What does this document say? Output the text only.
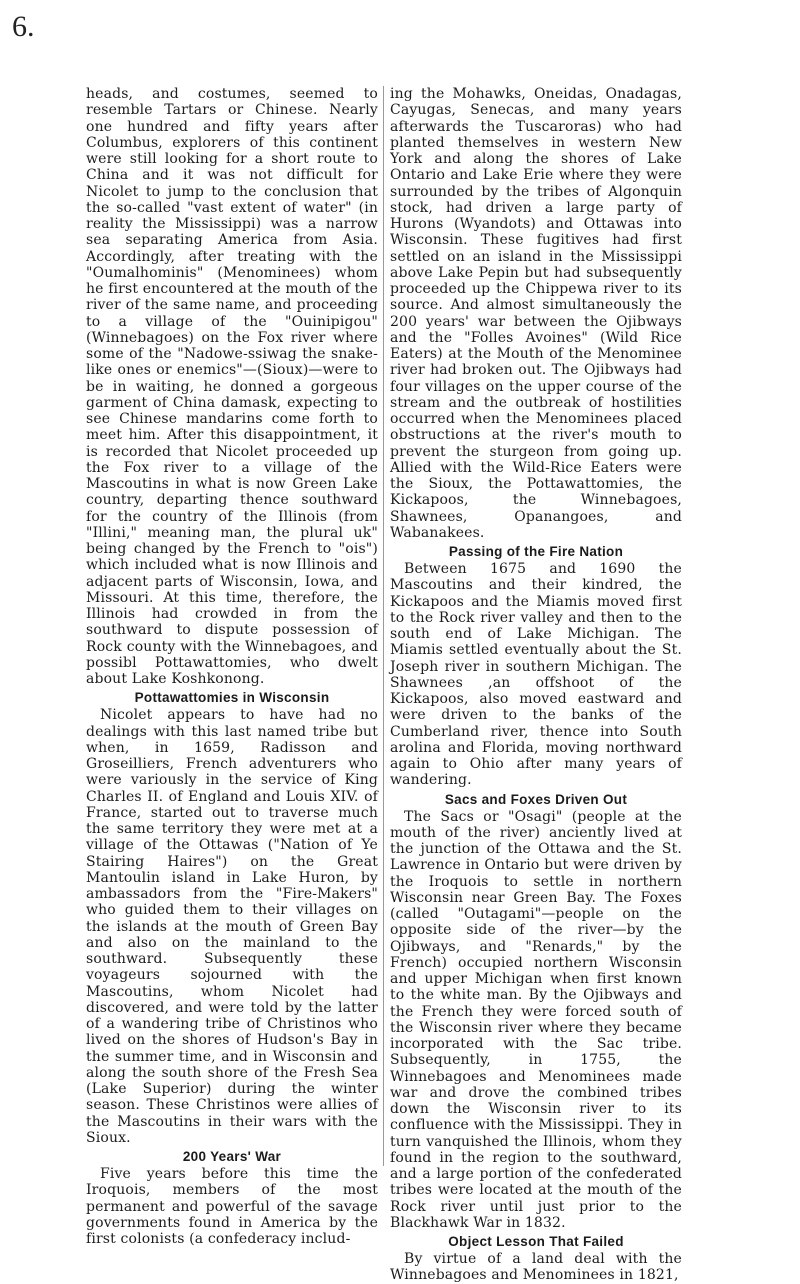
6.

heads, and costumes, seemed to resemble Tartars or Chinese. Nearly one hundred and fifty years after Columbus, explorers of this continent were still looking for a short route to China and it was not difficult for Nicolet to jump to the conclusion that the so-called "vast extent of water" (in reality the Mississippi) was a narrow sea separating America from Asia. Accordingly, after treating with the "Oumalhominis" (Menominees) whom he first encountered at the mouth of the river of the same name, and proceeding to a village of the "Ouinipigou" (Winnebagoes) on the Fox river where some of the "Nadowe-ssiwag the snake-like ones or enemics"—(Sioux)—were to be in waiting, he donned a gorgeous garment of China damask, expecting to see Chinese mandarins come forth to meet him. After this disappointment, it is recorded that Nicolet proceeded up the Fox river to a village of the Mascoutins in what is now Green Lake country, departing thence southward for the country of the Illinois (from "Illini," meaning man, the plural uk" being changed by the French to "ois") which included what is now Illinois and adjacent parts of Wisconsin, Iowa, and Missouri. At this time, therefore, the Illinois had crowded in from the southward to dispute possession of Rock county with the Winnebagoes, and possibl Pottawattomies, who dwelt about Lake Koshkonong.

Pottawattomies in Wisconsin

Nicolet appears to have had no dealings with this last named tribe but when, in 1659, Radisson and Groseilliers, French adventurers who were variously in the service of King Charles II. of England and Louis XIV. of France, started out to traverse much the same territory they were met at a village of the Ottawas ("Nation of Ye Stairing Haires") on the Great Mantoulin island in Lake Huron, by ambassadors from the "Fire-Makers" who guided them to their villages on the islands at the mouth of Green Bay and also on the mainland to the southward. Subsequently these voyageurs sojourned with the Mascoutins, whom Nicolet had discovered, and were told by the latter of a wandering tribe of Christinos who lived on the shores of Hudson's Bay in the summer time, and in Wisconsin and along the south shore of the Fresh Sea (Lake Superior) during the winter season. These Christinos were allies of the Mascoutins in their wars with the Sioux.

200 Years' War

Five years before this time the Iroquois, members of the most permanent and powerful of the savage governments found in America by the first colonists (a confederacy includ-

ing the Mohawks, Oneidas, Onadagas, Cayugas, Senecas, and many years afterwards the Tuscaroras) who had planted themselves in western New York and along the shores of Lake Ontario and Lake Erie where they were surrounded by the tribes of Algonquin stock, had driven a large party of Hurons (Wyandots) and Ottawas into Wisconsin. These fugitives had first settled on an island in the Mississippi above Lake Pepin but had subsequently proceeded up the Chippewa river to its source. And almost simultaneously the 200 years' war between the Ojibways and the "Folles Avoines" (Wild Rice Eaters) at the Mouth of the Menominee river had broken out. The Ojibways had four villages on the upper course of the stream and the outbreak of hostilities occurred when the Menominees placed obstructions at the river's mouth to prevent the sturgeon from going up. Allied with the Wild-Rice Eaters were the Sioux, the Pottawattomies, the Kickapoos, the Winnebagoes, Shawnees, Opanangoes, and Wabanakees.

Passing of the Fire Nation

Between 1675 and 1690 the Mascoutins and their kindred, the Kickapoos and the Miamis moved first to the Rock river valley and then to the south end of Lake Michigan. The Miamis settled eventually about the St. Joseph river in southern Michigan. The Shawnees ,an offshoot of the Kickapoos, also moved eastward and were driven to the banks of the Cumberland river, thence into South arolina and Florida, moving northward again to Ohio after many years of wandering.

Sacs and Foxes Driven Out

The Sacs or "Osagi" (people at the mouth of the river) anciently lived at the junction of the Ottawa and the St. Lawrence in Ontario but were driven by the Iroquois to settle in northern Wisconsin near Green Bay. The Foxes (called "Outagami"—people on the opposite side of the river—by the Ojibways, and "Renards," by the French) occupied northern Wisconsin and upper Michigan when first known to the white man. By the Ojibways and the French they were forced south of the Wisconsin river where they became incorporated with the Sac tribe. Subsequently, in 1755, the Winnebagoes and Menominees made war and drove the combined tribes down the Wisconsin river to its confluence with the Mississippi. They in turn vanquished the Illinois, whom they found in the region to the southward, and a large portion of the confederated tribes were located at the mouth of the Rock river until just prior to the Blackhawk War in 1832.

Object Lesson That Failed

By virtue of a land deal with the Winnebagoes and Menominees in 1821,
